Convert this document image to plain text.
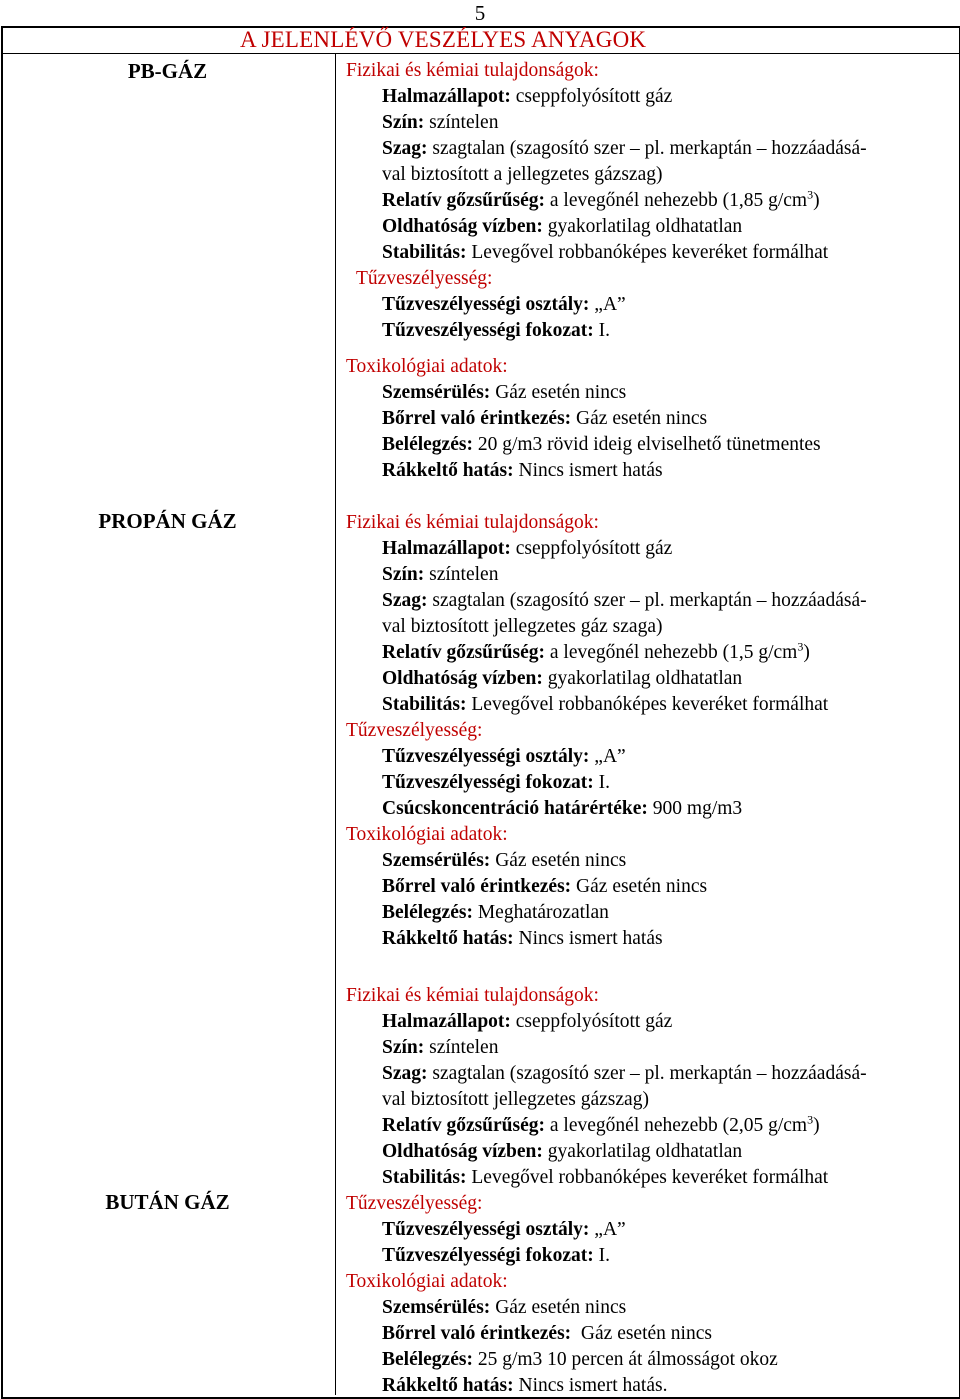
5
A JELENLÉVŐ VESZÉLYES ANYAGOK
PB-GÁZ	Fizikai és kémiai tulajdonságok:
Halmazállapot: cseppfolyósított gáz
Szín: színtelen
Szag: szagtalan (szagosító szer – pl. merkaptán – hozzáadásá-
val biztosított a jellegzetes gázszag)
Relatív gőzsűrűség: a levegőnél nehezebb (1,85 $g/cm^3$)
Oldhatóság vízben: gyakorlatilag oldhatatlan
Stabilitás: Levegővel robbanóképes keveréket formálhat
Tűzveszélyesség:
Tűzveszélyességi osztály: „A”
Tűzveszélyességi fokozat: I.
Toxikológiai adatok:
Szemsérülés: Gáz esetén nincs
Bőrrel való érintkezés: Gáz esetén nincs
Belélegzés: 20 g/m3 rövid ideig elviselhető tünetmentes
Rákkeltő hatás: Nincs ismert hatás
PROPÁN GÁZ	Fizikai és kémiai tulajdonságok:
Halmazállapot: cseppfolyósított gáz
Szín: színtelen
Szag: szagtalan (szagosító szer – pl. merkaptán – hozzáadásá-
val biztosított jellegzetes gáz szaga)
Relatív gőzsűrűség: a levegőnél nehezebb (1,5 $g/cm^3$)
Oldhatóság vízben: gyakorlatilag oldhatatlan
Stabilitás: Levegővel robbanóképes keveréket formálhat
Tűzveszélyesség:
Tűzveszélyességi osztály: „A”
Tűzveszélyességi fokozat: I.
Csúcskoncentráció határértéke: 900 mg/m3
Toxikológiai adatok:
Szemsérülés: Gáz esetén nincs
Bőrrel való érintkezés: Gáz esetén nincs
Belélegzés: Meghatározatlan
Rákkeltő hatás: Nincs ismert hatás
BUTÁN GÁZ
Fizikai és kémiai tulajdonságok:
Halmazállapot: cseppfolyósított gáz
Szín: színtelen
Szag: szagtalan (szagosító szer – pl. merkaptán – hozzáadásá-
val biztosított jellegzetes gázszag)
Relatív gőzsűrűség: a levegőnél nehezebb (2,05 $g/cm^3$)
Oldhatóság vízben: gyakorlatilag oldhatatlan
Stabilitás: Levegővel robbanóképes keveréket formálhat
Tűzveszélyesség:
Tűzveszélyességi osztály: „A”
Tűzveszélyességi fokozat: I.
Toxikológiai adatok:
Szemsérülés: Gáz esetén nincs
Bőrrel való érintkezés:  Gáz esetén nincs
Belélegzés: 25 g/m3 10 percen át álmosságot okoz
Rákkeltő hatás: Nincs ismert hatás.
